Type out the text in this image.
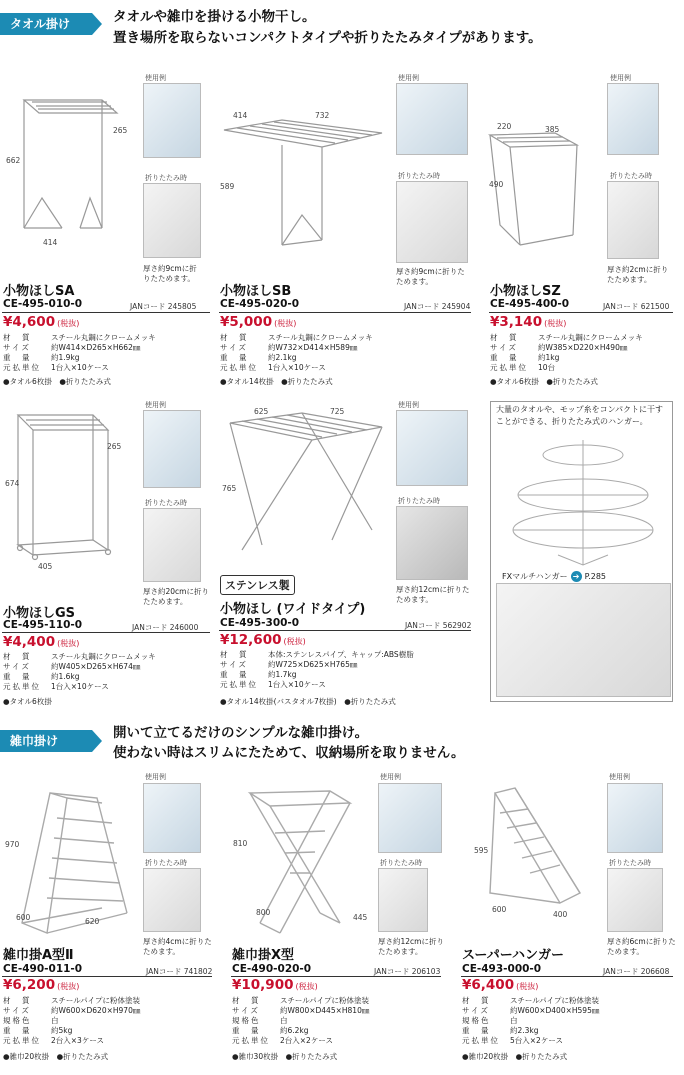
タオル掛け	タオルや雑巾を掛ける小物干し。
置き場所を取らないコンパクトタイプや折りたたみタイプがあります。
662
265
414
使用例
折りたたみ時
厚さ約9cmに折りたためます。
小物ほしSA
CE-495-010-0	JANコード 245805
¥4,600 (税抜)
材　質	スチール丸鋼にクロームメッキ
サイズ	約W414×D265×H662㎜
重　量	約1.9kg
元払単位	1台入×10ケース
●タオル6枚掛　●折りたたみ式
414	732
589
使用例
折りたたみ時
厚さ約9cmに折りたためます。
小物ほしSB
CE-495-020-0	JANコード 245904
¥5,000 (税抜)
材　質	スチール丸鋼にクロームメッキ
サイズ	約W732×D414×H589㎜
重　量	約2.1kg
元払単位	1台入×10ケース
●タオル14枚掛　●折りたたみ式
220	385
490
使用例
折りたたみ時
厚さ約2cmに折りたためます。
小物ほしSZ
CE-495-400-0	JANコード 621500
¥3,140 (税抜)
材　質	スチール丸鋼にクロームメッキ
サイズ	約W385×D220×H490㎜
重　量	約1kg
元払単位	10台
●タオル6枚掛　●折りたたみ式
674
265
405
使用例
折りたたみ時
厚さ約20cmに折りたためます。
小物ほしGS
CE-495-110-0	JANコード 246000
¥4,400 (税抜)
材　質	スチール丸鋼にクロームメッキ
サイズ	約W405×D265×H674㎜
重　量	約1.6kg
元払単位	1台入×10ケース
●タオル6枚掛
625	725
765
使用例
折りたたみ時
厚さ約12cmに折りたためます。
ステンレス製
小物ほし (ワイドタイプ)
CE-495-300-0	JANコード 562902
¥12,600 (税抜)
材　質	本体:ステンレスパイプ、キャップ:ABS樹脂
サイズ	約W725×D625×H765㎜
重　量	約1.7kg
元払単位	1台入×10ケース
●タオル14枚掛(バスタオル7枚掛)　●折りたたみ式
大量のタオルや、モップ糸をコンパクトに干すことができる、折りたたみ式のハンガー。
FXマルチハンガー ➔ P.285
雑巾掛け	開いて立てるだけのシンプルな雑巾掛け。
使わない時はスリムにたためて、収納場所を取りません。
970
600	620
使用例
折りたたみ時
厚さ約4cmに折りたためます。
雑巾掛A型Ⅱ
CE-490-011-0	JANコード 741802
¥6,200 (税抜)
材　質	スチールパイプに粉体塗装
サイズ	約W600×D620×H970㎜
規格色	白
重　量	約5kg
元払単位	2台入×3ケース
●雑巾20枚掛　●折りたたみ式
810
800
445
使用例
折りたたみ時
厚さ約12cmに折りたためます。
雑巾掛X型
CE-490-020-0	JANコード 206103
¥10,900 (税抜)
材　質	スチールパイプに粉体塗装
サイズ	約W800×D445×H810㎜
規格色	白
重　量	約6.2kg
元払単位	2台入×2ケース
●雑巾30枚掛　●折りたたみ式
595
600
400
使用例
折りたたみ時
厚さ約6cmに折りたためます。
スーパーハンガー
CE-493-000-0	JANコード 206608
¥6,400 (税抜)
材　質	スチールパイプに粉体塗装
サイズ	約W600×D400×H595㎜
規格色	白
重　量	約2.3kg
元払単位	5台入×2ケース
●雑巾20枚掛　●折りたたみ式
